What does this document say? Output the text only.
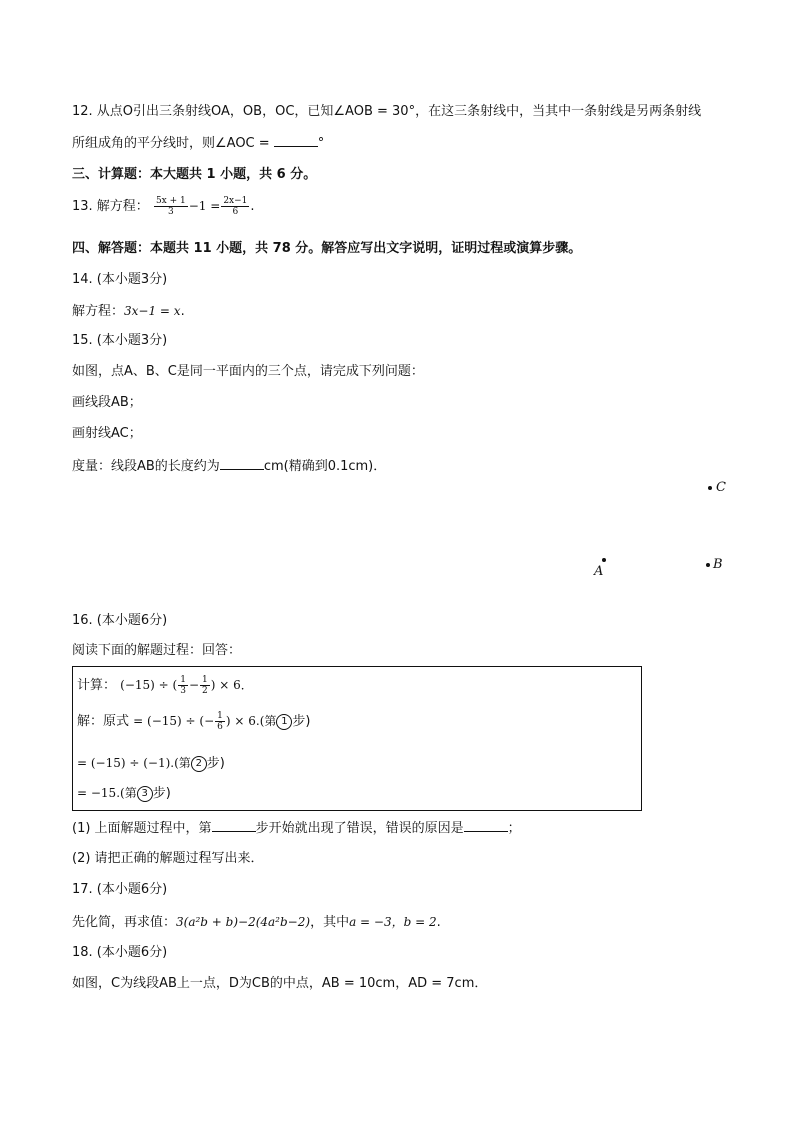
12. 从点O引出三条射线OA，OB，OC，已知∠AOB = 30°，在这三条射线中，当其中一条射线是另两条射线
所组成角的平分线时，则∠AOC =	°
三、计算题：本大题共 1 小题，共 6 分。
13. 解方程： $\frac{5x + 1}{3} -1 = \frac{2x-1}{6}$ .
四、解答题：本题共 11 小题，共 78 分。解答应写出文字说明，证明过程或演算步骤。
14. (本小题3分)
解方程：3x−1 = x.
15. (本小题3分)
如图，点A、B、C是同一平面内的三个点，请完成下列问题：
画线段AB；
画射线AC；
度量：线段AB的长度约为	cm(精确到0.1cm)．
C
A	B
16. (本小题6分)
阅读下面的解题过程：回答：
计算： (−15) ÷ ( $\frac{1}{3} - \frac{1}{2}$ ) × 6．
解：原式 = (−15) ÷ (− $\frac{1}{6}$ ) × 6.(第 1 步)
= (−15) ÷ (−1).(第 2 步)
= −15.(第 3 步)
(1) 上面解题过程中，第	步开始就出现了错误，错误的原因是	；
(2) 请把正确的解题过程写出来．
17. (本小题6分)
先化简，再求值：3(a²b + b)−2(4a²b−2)，其中a = −3，b = 2.
18. (本小题6分)
如图，C为线段AB上一点，D为CB的中点，AB = 10cm，AD = 7cm．
